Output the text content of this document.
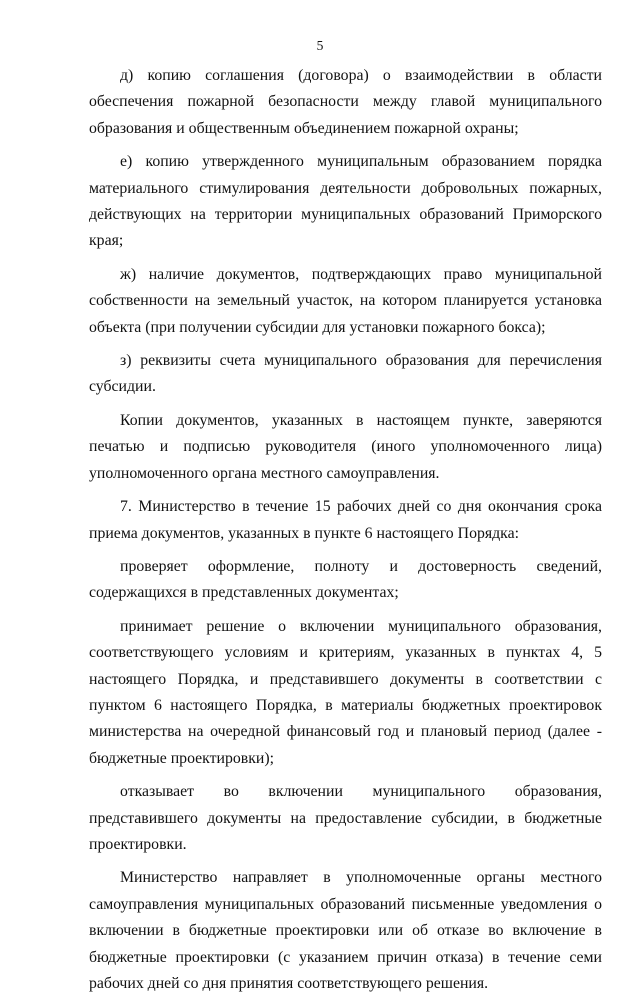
5

д) копию соглашения (договора) о взаимодействии в области обеспечения пожарной безопасности между главой муниципального образования и общественным объединением пожарной охраны;

е) копию утвержденного муниципальным образованием порядка материального стимулирования деятельности добровольных пожарных, действующих на территории муниципальных образований Приморского края;

ж) наличие документов, подтверждающих право муниципальной собственности на земельный участок, на котором планируется установка объекта (при получении субсидии для установки пожарного бокса);

з) реквизиты счета муниципального образования для перечисления субсидии.

Копии документов, указанных в настоящем пункте, заверяются печатью и подписью руководителя (иного уполномоченного лица) уполномоченного органа местного самоуправления.

7. Министерство в течение 15 рабочих дней со дня окончания срока приема документов, указанных в пункте 6 настоящего Порядка:

проверяет оформление, полноту и достоверность сведений, содержащихся в представленных документах;

принимает решение о включении муниципального образования, соответствующего условиям и критериям, указанных в пунктах 4, 5 настоящего Порядка, и представившего документы в соответствии с пунктом 6 настоящего Порядка, в материалы бюджетных проектировок министерства на очередной финансовый год и плановый период (далее - бюджетные проектировки);

отказывает во включении муниципального образования, представившего документы на предоставление субсидии, в бюджетные проектировки.

Министерство направляет в уполномоченные органы местного самоуправления муниципальных образований письменные уведомления о включении в бюджетные проектировки или об отказе во включение в бюджетные проектировки (с указанием причин отказа) в течение семи рабочих дней со дня принятия соответствующего решения.
